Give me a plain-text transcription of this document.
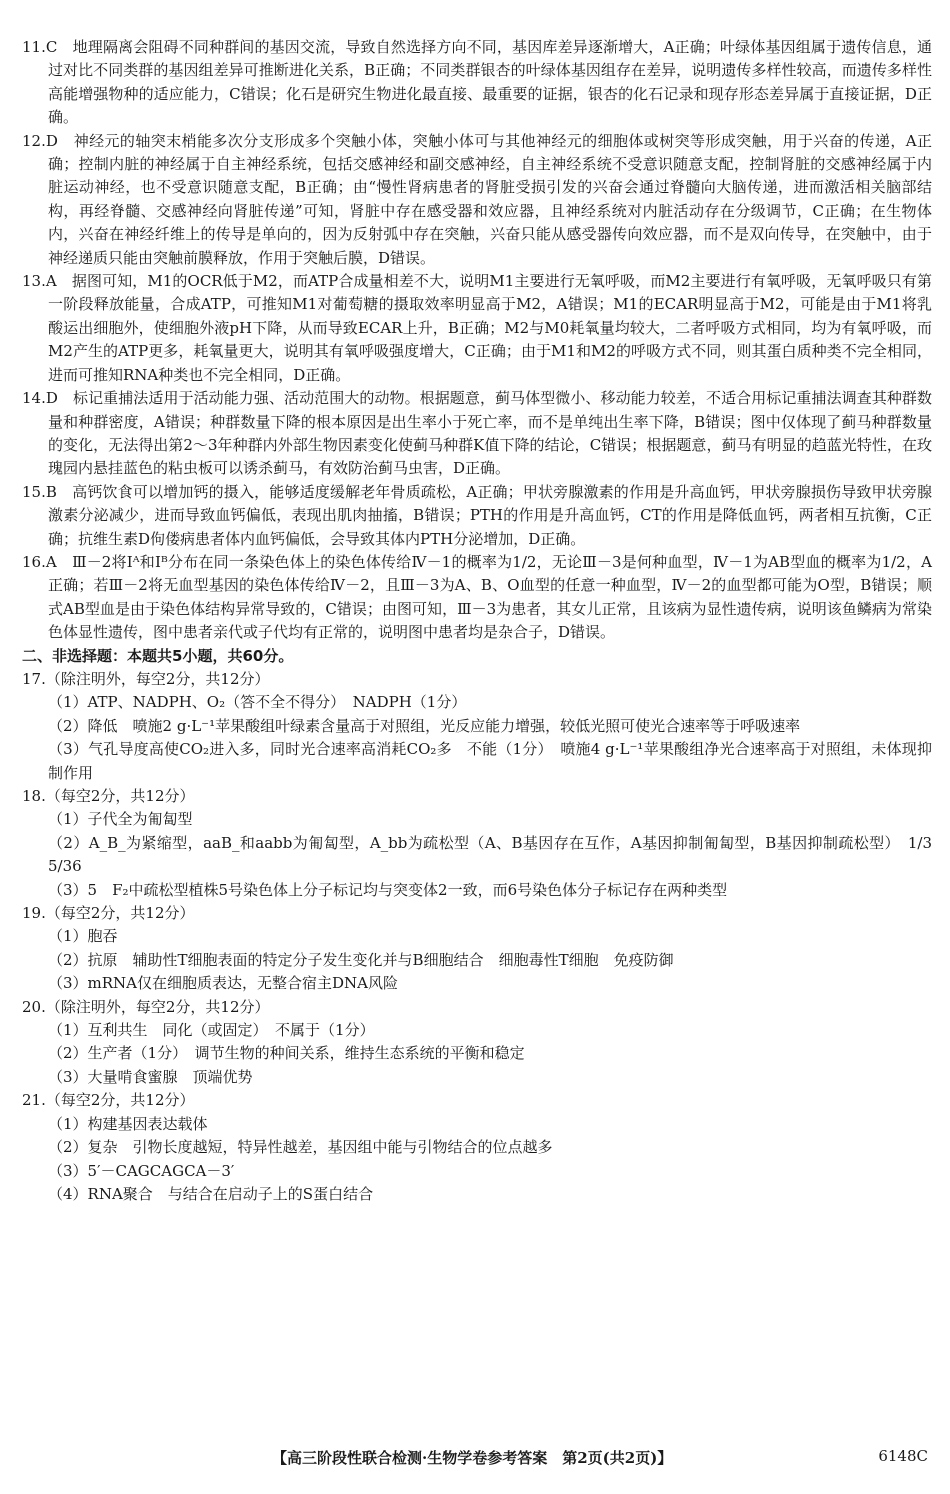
11.C　地理隔离会阻碍不同种群间的基因交流，导致自然选择方向不同，基因库差异逐渐增大，A正确；叶绿体基因组属于遗传信息，通过对比不同类群的基因组差异可推断进化关系，B正确；不同类群银杏的叶绿体基因组存在差异，说明遗传多样性较高，而遗传多样性高能增强物种的适应能力，C错误；化石是研究生物进化最直接、最重要的证据，银杏的化石记录和现存形态差异属于直接证据，D正确。

12.D　神经元的轴突末梢能多次分支形成多个突触小体，突触小体可与其他神经元的细胞体或树突等形成突触，用于兴奋的传递，A正确；控制内脏的神经属于自主神经系统，包括交感神经和副交感神经，自主神经系统不受意识随意支配，控制肾脏的交感神经属于内脏运动神经，也不受意识随意支配，B正确；由“慢性肾病患者的肾脏受损引发的兴奋会通过脊髓向大脑传递，进而激活相关脑部结构，再经脊髓、交感神经向肾脏传递”可知，肾脏中存在感受器和效应器，且神经系统对内脏活动存在分级调节，C正确；在生物体内，兴奋在神经纤维上的传导是单向的，因为反射弧中存在突触，兴奋只能从感受器传向效应器，而不是双向传导，在突触中，由于神经递质只能由突触前膜释放，作用于突触后膜，D错误。

13.A　据图可知，M1的OCR低于M2，而ATP合成量相差不大，说明M1主要进行无氧呼吸，而M2主要进行有氧呼吸，无氧呼吸只有第一阶段释放能量，合成ATP，可推知M1对葡萄糖的摄取效率明显高于M2，A错误；M1的ECAR明显高于M2，可能是由于M1将乳酸运出细胞外，使细胞外液pH下降，从而导致ECAR上升，B正确；M2与M0耗氧量均较大，二者呼吸方式相同，均为有氧呼吸，而M2产生的ATP更多，耗氧量更大，说明其有氧呼吸强度增大，C正确；由于M1和M2的呼吸方式不同，则其蛋白质种类不完全相同，进而可推知RNA种类也不完全相同，D正确。

14.D　标记重捕法适用于活动能力强、活动范围大的动物。根据题意，蓟马体型微小、移动能力较差，不适合用标记重捕法调查其种群数量和种群密度，A错误；种群数量下降的根本原因是出生率小于死亡率，而不是单纯出生率下降，B错误；图中仅体现了蓟马种群数量的变化，无法得出第2～3年种群内外部生物因素变化使蓟马种群K值下降的结论，C错误；根据题意，蓟马有明显的趋蓝光特性，在玫瑰园内悬挂蓝色的粘虫板可以诱杀蓟马，有效防治蓟马虫害，D正确。

15.B　高钙饮食可以增加钙的摄入，能够适度缓解老年骨质疏松，A正确；甲状旁腺激素的作用是升高血钙，甲状旁腺损伤导致甲状旁腺激素分泌减少，进而导致血钙偏低，表现出肌肉抽搐，B错误；PTH的作用是升高血钙，CT的作用是降低血钙，两者相互抗衡，C正确；抗维生素D佝偻病患者体内血钙偏低，会导致其体内PTH分泌增加，D正确。

16.A　Ⅲ－2将Iᴬ和Iᴮ分布在同一条染色体上的染色体传给Ⅳ－1的概率为1/2，无论Ⅲ－3是何种血型，Ⅳ－1为AB型血的概率为1/2，A正确；若Ⅲ－2将无血型基因的染色体传给Ⅳ－2，且Ⅲ－3为A、B、O血型的任意一种血型，Ⅳ－2的血型都可能为O型，B错误；顺式AB型血是由于染色体结构异常导致的，C错误；由图可知，Ⅲ－3为患者，其女儿正常，且该病为显性遗传病，说明该鱼鳞病为常染色体显性遗传，图中患者亲代或子代均有正常的，说明图中患者均是杂合子，D错误。

二、非选择题：本题共5小题，共60分。

17.（除注明外，每空2分，共12分）

（1）ATP、NADPH、O₂（答不全不得分）　NADPH（1分）

（2）降低　喷施2 g·L⁻¹苹果酸组叶绿素含量高于对照组，光反应能力增强，较低光照可使光合速率等于呼吸速率

（3）气孔导度高使CO₂进入多，同时光合速率高消耗CO₂多　不能（1分）　喷施4 g·L⁻¹苹果酸组净光合速率高于对照组，未体现抑制作用

18.（每空2分，共12分）

（1）子代全为匍匐型

（2）A_B_为紧缩型，aaB_和aabb为匍匐型，A_bb为疏松型（A、B基因存在互作，A基因抑制匍匐型，B基因抑制疏松型）　1/3　5/36

（3）5　F₂中疏松型植株5号染色体上分子标记均与突变体2一致，而6号染色体分子标记存在两种类型

19.（每空2分，共12分）

（1）胞吞

（2）抗原　辅助性T细胞表面的特定分子发生变化并与B细胞结合　细胞毒性T细胞　免疫防御

（3）mRNA仅在细胞质表达，无整合宿主DNA风险

20.（除注明外，每空2分，共12分）

（1）互利共生　同化（或固定）　不属于（1分）

（2）生产者（1分）　调节生物的种间关系，维持生态系统的平衡和稳定

（3）大量啃食蜜腺　顶端优势

21.（每空2分，共12分）

（1）构建基因表达载体

（2）复杂　引物长度越短，特异性越差，基因组中能与引物结合的位点越多

（3）5′－CAGCAGCA－3′

（4）RNA聚合　与结合在启动子上的S蛋白结合

【高三阶段性联合检测·生物学卷参考答案　第2页(共2页)】	6148C
